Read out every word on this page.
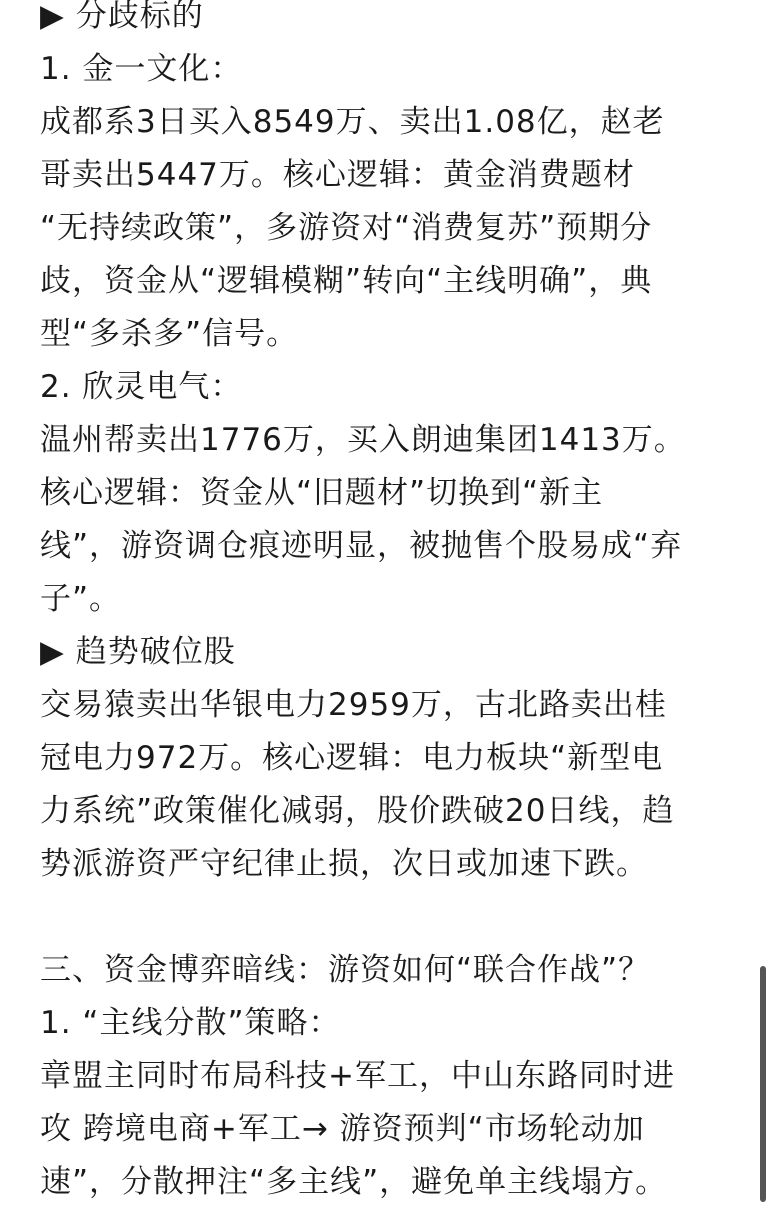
▶ 分歧标的
1. 金一文化：
成都系3日买入8549万、卖出1.08亿，赵老
哥卖出5447万。核心逻辑：黄金消费题材
“无持续政策”，多游资对“消费复苏”预期分
歧，资金从“逻辑模糊”转向“主线明确”，典
型“多杀多”信号。
2. 欣灵电气：
温州帮卖出1776万，买入朗迪集团1413万。
核心逻辑：资金从“旧题材”切换到“新主
线”，游资调仓痕迹明显，被抛售个股易成“弃
子”。
▶ 趋势破位股
交易猿卖出华银电力2959万，古北路卖出桂
冠电力972万。核心逻辑：电力板块“新型电
力系统”政策催化减弱，股价跌破20日线，趋
势派游资严守纪律止损，次日或加速下跌。
三、资金博弈暗线：游资如何“联合作战”？
1. “主线分散”策略：
章盟主同时布局科技+军工，中山东路同时进
攻 跨境电商+军工→ 游资预判“市场轮动加
速”，分散押注“多主线”，避免单主线塌方。
